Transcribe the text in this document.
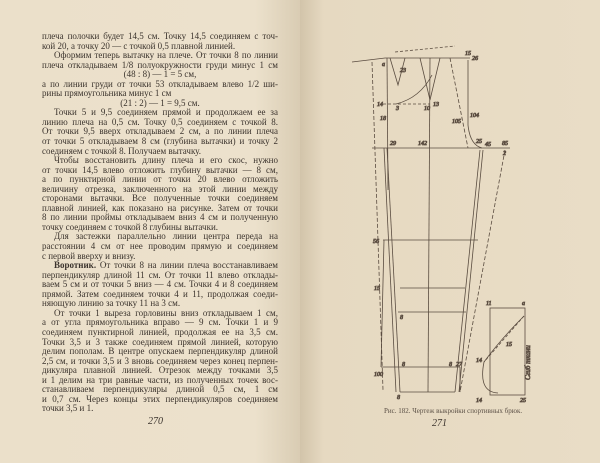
плеча полочки будет 14,5 см. Точку 14,5 соединяем с точ-
кой 20, а точку 20 — с точкой 0,5 плавной линией.
Оформим теперь вытачку на плече. От точки 8 по линии
плеча откладываем 1/8 полуокружности груди минус 1 см
(48 : 8) — 1 = 5 см,
а по линии груди от точки 53 откладываем влево 1/2 ши-
рины прямоугольника минус 1 см
(21 : 2) — 1 = 9,5 см.
Точки 5 и 9,5 соединяем прямой и продолжаем ее за
линию плеча на 0,5 см. Точку 0,5 соединяем с точкой 8.
От точки 9,5 вверх откладываем 2 см, а по линии плеча
от точки 5 откладываем 8 см (глубина вытачки) и точку 2
соединяем с точкой 8. Получаем вытачку.
Чтобы восстановить длину плеча и его скос, нужно
от точки 14,5 влево отложить глубину вытачки — 8 см,
а по пунктирной линии от точки 20 влево отложить
величину отрезка, заключенного на этой линии между
сторонами вытачки. Все полученные точки соединяем
плавной линией, как показано на рисунке. Затем от точки
8 по линии проймы откладываем вниз 4 см и полученную
точку соединяем с точкой 8 глубины вытачки.
Для застежки параллельно линии центра переда на
расстоянии 4 см от нее проводим прямую и соединяем
с первой вверху и внизу.
Воротник. От точки 8 на линии плеча восстанавливаем
перпендикуляр длиной 11 см. От точки 11 влево отклады-
ваем 5 см и от точки 5 вниз — 4 см. Точки 4 и 8 соединяем
прямой. Затем соединяем точки 4 и 11, продолжая соеди-
няющую линию за точку 11 на 3 см.
От точки 1 выреза горловины вниз откладываем 1 см,
а от угла прямоугольника вправо — 9 см. Точки 1 и 9
соединяем пунктирной линией, продолжая ее на 3,5 см.
Точки 3,5 и 3 также соединяем прямой линией, которую
делим пополам. В центре опускаем перпендикуляр длиной
2,5 см, и точки 3,5 и 3 вновь соединяем через конец перпен-
дикуляра плавной линией. Отрезок между точками 3,5
и 1 делим на три равные части, из полученных точек вос-
станавливаем перпендикуляры длиной 0,5 см, 1 см
и 0,7 см. Через концы этих перпендикуляров соединяем
точки 3,5 и 1.
270
a
23
14
3
18
29	142
10
13
15
26
104
105
25 45 85
2
56
15
100
8
8	8
8
27
11	a
14
25
15
14
Сгиб ткани
Рис. 182. Чертеж выкройки спортивных брюк.
271
